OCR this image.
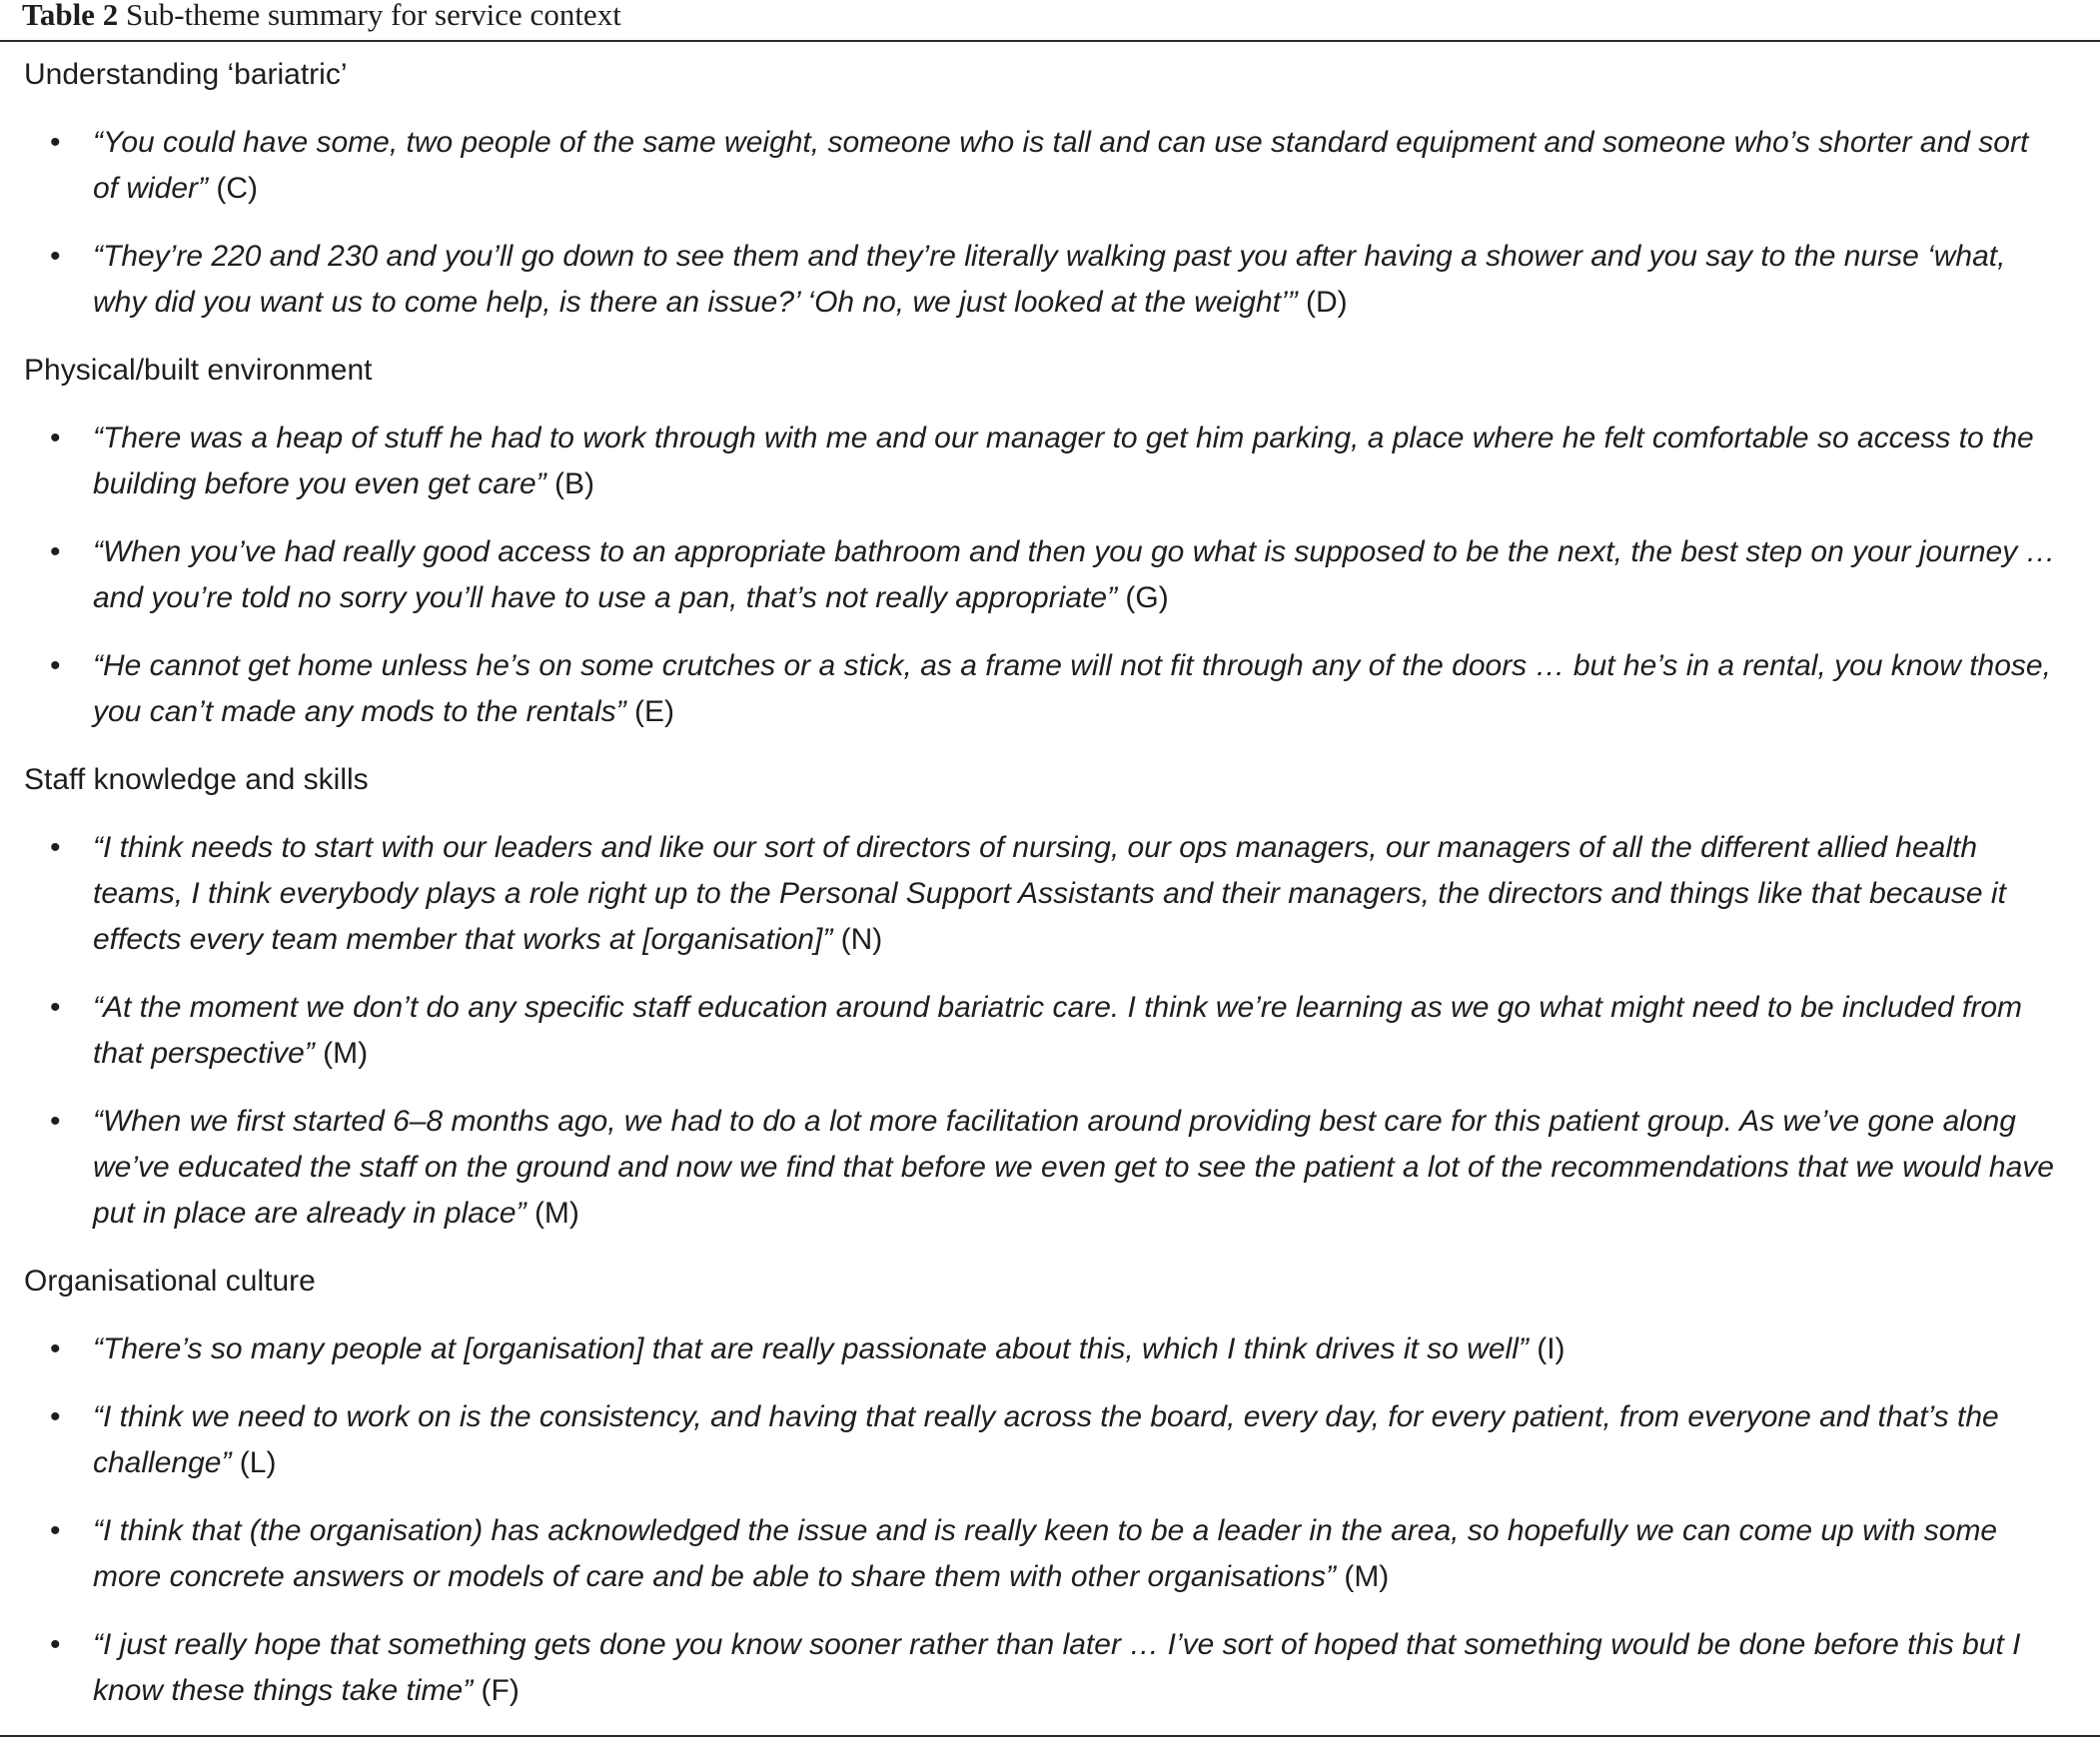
Table 2 Sub-theme summary for service context
Understanding ‘bariatric’
• “You could have some, two people of the same weight, someone who is tall and can use standard equipment and someone who’s shorter and sort of wider” (C)
• “They’re 220 and 230 and you’ll go down to see them and they’re literally walking past you after having a shower and you say to the nurse ‘what, why did you want us to come help, is there an issue?’ ‘Oh no, we just looked at the weight’” (D)
Physical/built environment
• “There was a heap of stuff he had to work through with me and our manager to get him parking, a place where he felt comfortable so access to the building before you even get care” (B)
• “When you’ve had really good access to an appropriate bathroom and then you go what is supposed to be the next, the best step on your journey … and you’re told no sorry you’ll have to use a pan, that’s not really appropriate” (G)
• “He cannot get home unless he’s on some crutches or a stick, as a frame will not fit through any of the doors … but he’s in a rental, you know those, you can’t made any mods to the rentals” (E)
Staff knowledge and skills
• “I think needs to start with our leaders and like our sort of directors of nursing, our ops managers, our managers of all the different allied health teams, I think everybody plays a role right up to the Personal Support Assistants and their managers, the directors and things like that because it effects every team member that works at [organisation]” (N)
• “At the moment we don’t do any specific staff education around bariatric care. I think we’re learning as we go what might need to be included from that perspective” (M)
• “When we first started 6–8 months ago, we had to do a lot more facilitation around providing best care for this patient group. As we’ve gone along we’ve educated the staff on the ground and now we find that before we even get to see the patient a lot of the recommendations that we would have put in place are already in place” (M)
Organisational culture
• “There’s so many people at [organisation] that are really passionate about this, which I think drives it so well” (I)
• “I think we need to work on is the consistency, and having that really across the board, every day, for every patient, from everyone and that’s the challenge” (L)
• “I think that (the organisation) has acknowledged the issue and is really keen to be a leader in the area, so hopefully we can come up with some more concrete answers or models of care and be able to share them with other organisations” (M)
• “I just really hope that something gets done you know sooner rather than later … I’ve sort of hoped that something would be done before this but I know these things take time” (F)
